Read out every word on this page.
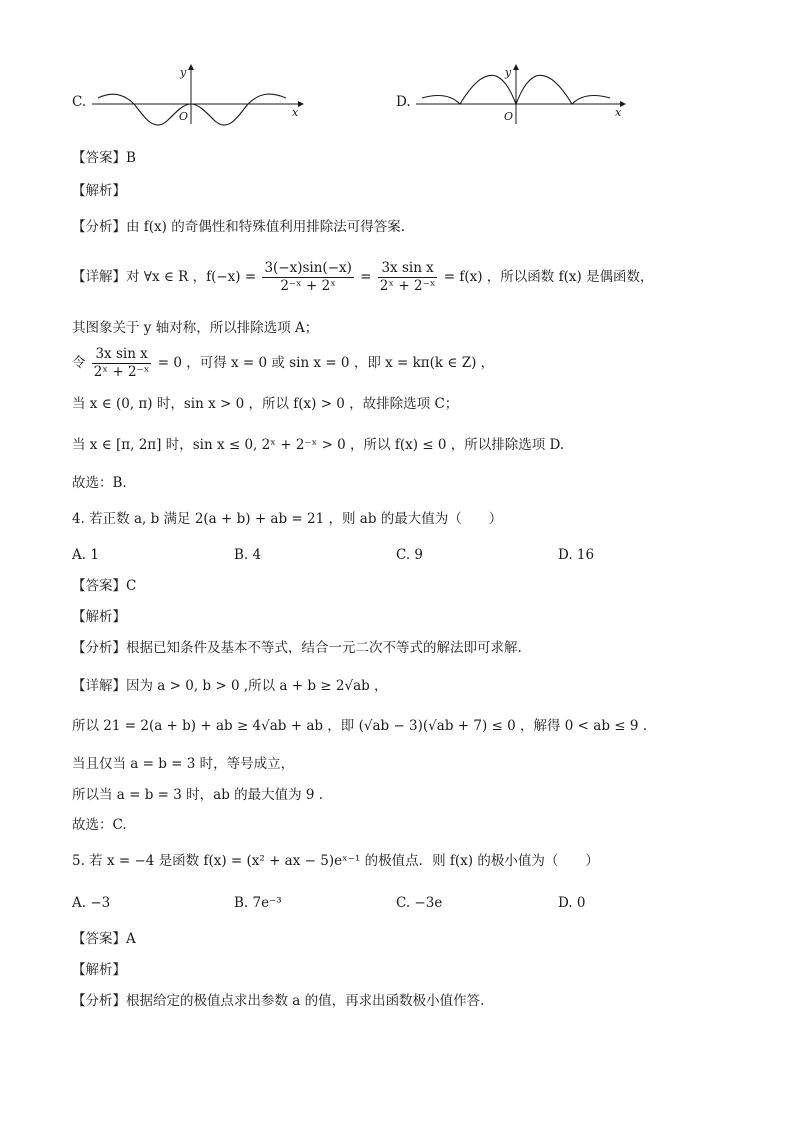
C.
y
x
O
D.
y
x
O
【答案】B
【解析】
【分析】由 f(x) 的奇偶性和特殊值利用排除法可得答案.
【详解】对 ∀x ∈ R ，$f(-x) = \frac{3(-x)\sin(-x)}{\text{2⁻ˣ + 2ˣ}} = \frac{\text{3x sin x}}{\text{2ˣ + 2⁻ˣ}} = f(x)$ ，所以函数 f(x) 是偶函数，
其图象关于 y 轴对称，所以排除选项 A；
令 $\frac{\text{3x sin x}}{\text{2ˣ + 2⁻ˣ}} = 0$ ，可得 x = 0 或 sin x = 0 ，即 x = kπ(k ∈ Z) ，
当 x ∈ (0, π) 时，sin x > 0 ，所以 f(x) > 0 ，故排除选项 C；
当 x ∈ [π, 2π] 时，sin x ≤ 0, 2ˣ + 2⁻ˣ > 0 ，所以 f(x) ≤ 0 ，所以排除选项 D.
故选：B.
4. 若正数 a, b 满足 2(a + b) + ab = 21 ，则 ab 的最大值为（　　）
A. 1	B. 4	C. 9	D. 16
【答案】C
【解析】
【分析】根据已知条件及基本不等式，结合一元二次不等式的解法即可求解.
【详解】因为 a > 0, b > 0 ,所以 a + b ≥ 2√ab ，
所以 21 = 2(a + b) + ab ≥ 4√ab + ab ，即 (√ab − 3)(√ab + 7) ≤ 0 ，解得 0 < ab ≤ 9 .
当且仅当 a = b = 3 时，等号成立，
所以当 a = b = 3 时，ab 的最大值为 9 .
故选：C.
5. 若 x = −4 是函数 f(x) = (x² + ax − 5)eˣ⁻¹ 的极值点．则 f(x) 的极小值为（　　）
A. −3	B. 7e⁻³	C. −3e	D. 0
【答案】A
【解析】
【分析】根据给定的极值点求出参数 a 的值，再求出函数极小值作答.
